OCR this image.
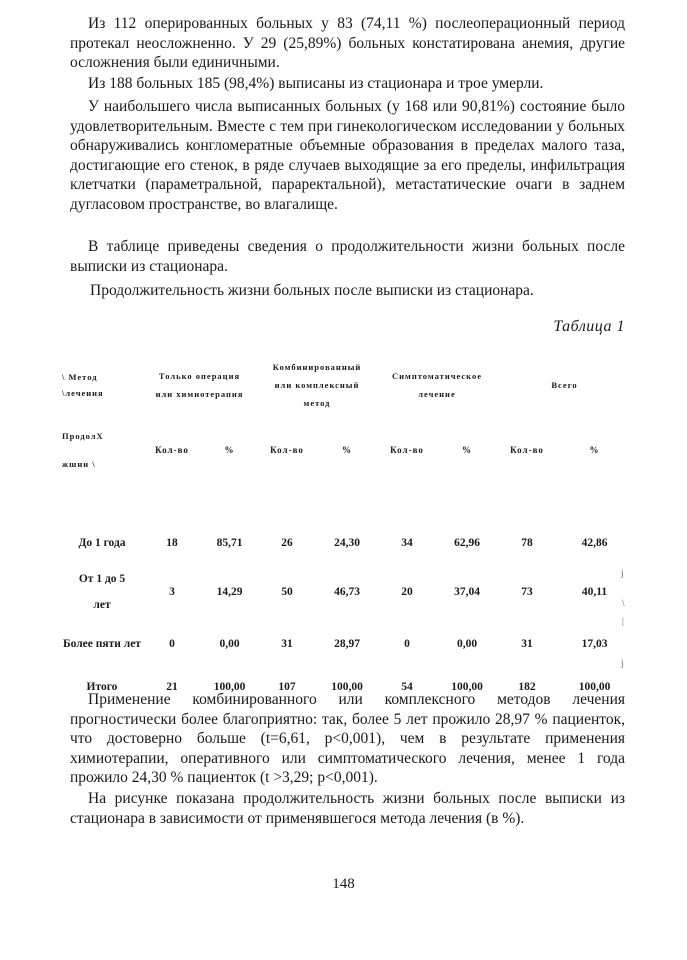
Из 112 оперированных больных у 83 (74,11 %) послеоперационный период протекал неосложненно. У 29 (25,89%) больных констатирована анемия, другие осложнения были единичными.

Из 188 больных 185 (98,4%) выписаны из стационара и трое умерли.

У наибольшего числа выписанных больных (у 168 или 90,81%) состояние было удовлетворительным. Вместе с тем при гинекологическом исследовании у больных обнаруживались конгломератные объемные образования в пределах малого таза, достигающие его стенок, в ряде случаев выходящие за его пределы, инфильтрация клетчатки (параметральной, параректальной), метастатические очаги в заднем дугласовом пространстве, во влагалище.

В таблице приведены сведения о продолжительности жизни больных после выписки из стационара.

Продолжительность жизни больных после выписки из стационара.

Таблица 1
\ Метод
\лечения	Только операция или химиотерапия		Комбинированный или комплексный метод		Симптоматическое лечение		Всего	

ПродолХ
жшни \	Кол-во	%	Кол-во	%	Кол-во	%	Кол-во	%

До 1 года	18	85,71	26	24,30	34	62,96	78	42,86
От 1 до 5 лет	3	14,29	50	46,73	20	37,04	73	40,11
Более пяти лет	0	0,00	31	28,97	0	0,00	31	17,03
Итого	21	100,00	107	100,00	54	100,00	182	100,00
j
\
|
j

Применение комбинированного или комплексного методов лечения прогностически более благоприятно: так, более 5 лет прожило 28,97 % пациенток, что достоверно больше (t=6,61, p<0,001), чем в результате применения химиотерапии, оперативного или симптоматического лечения, менее 1 года прожило 24,30 % пациенток (t >3,29; p<0,001).

На рисунке показана продолжительность жизни больных после выписки из стационара в зависимости от применявшегося метода лечения (в %).

148
